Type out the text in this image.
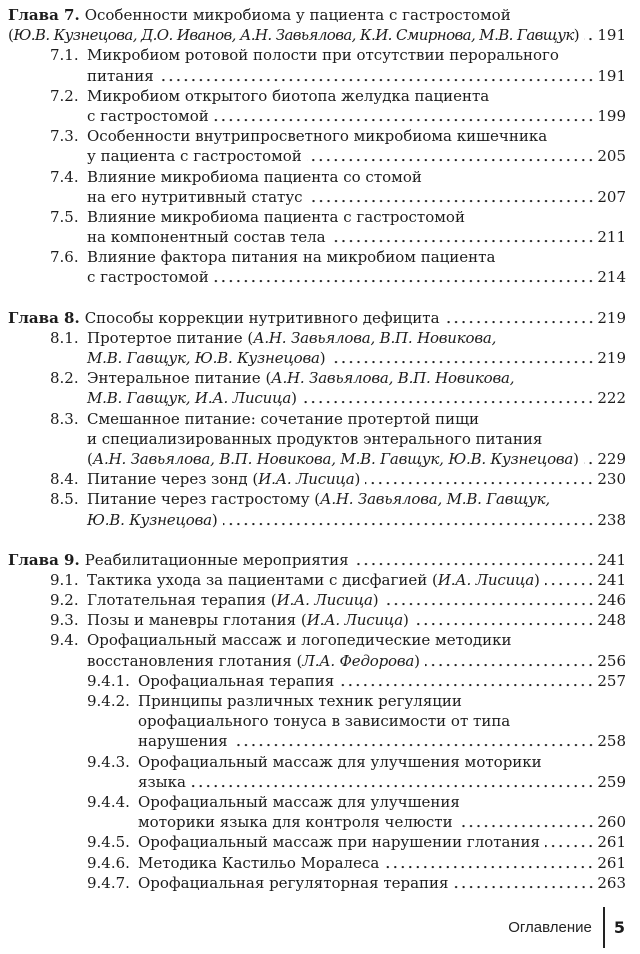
Глава 7. Особенности микробиома у пациента с гастростомой
(Ю.В. Кузнецова, Д.О. Иванов, А.Н. Завьялова, К.И. Смирнова, М.В. Гавщук) 191
7.1. Микробиом ротовой полости при отсутствии перорального
питания	191
7.2. Микробиом открытого биотопа желудка пациента
с гастростомой	199
7.3. Особенности внутрипросветного микробиома кишечника
у пациента с гастростомой	205
7.4. Влияние микробиома пациента со стомой
на его нутритивный статус	207
7.5. Влияние микробиома пациента с гастростомой
на компонентный состав тела	211
7.6. Влияние фактора питания на микробиом пациента
с гастростомой	214
Глава 8. Способы коррекции нутритивного дефицита	219
8.1. Протертое питание (А.Н. Завьялова, В.П. Новикова,
М.В. Гавщук, Ю.В. Кузнецова)	219
8.2. Энтеральное питание (А.Н. Завьялова, В.П. Новикова,
М.В. Гавщук, И.А. Лисица)	222
8.3. Смешанное питание: сочетание протертой пищи
и специализированных продуктов энтерального питания
(А.Н. Завьялова, В.П. Новикова, М.В. Гавщук, Ю.В. Кузнецова) 229
8.4. Питание через зонд (И.А. Лисица)	230
8.5. Питание через гастростому (А.Н. Завьялова, М.В. Гавщук,
Ю.В. Кузнецова)	238
Глава 9. Реабилитационные мероприятия	241
9.1. Тактика ухода за пациентами с дисфагией (И.А. Лисица)	241
9.2. Глотательная терапия (И.А. Лисица)	246
9.3. Позы и маневры глотания (И.А. Лисица)	248
9.4. Орофациальный массаж и логопедические методики
восстановления глотания (Л.А. Федорова)	256
9.4.1. Орофациальная терапия	257
9.4.2. Принципы различных техник регуляции
орофациального тонуса в зависимости от типа
нарушения	258
9.4.3. Орофациальный массаж для улучшения моторики
языка	259
9.4.4. Орофациальный массаж для улучшения
моторики языка для контроля челюсти	260
9.4.5. Орофациальный массаж при нарушении глотания	261
9.4.6. Методика Кастильо Моралеса	261
9.4.7. Орофациальная регуляторная терапия	263
Оглавление 5
